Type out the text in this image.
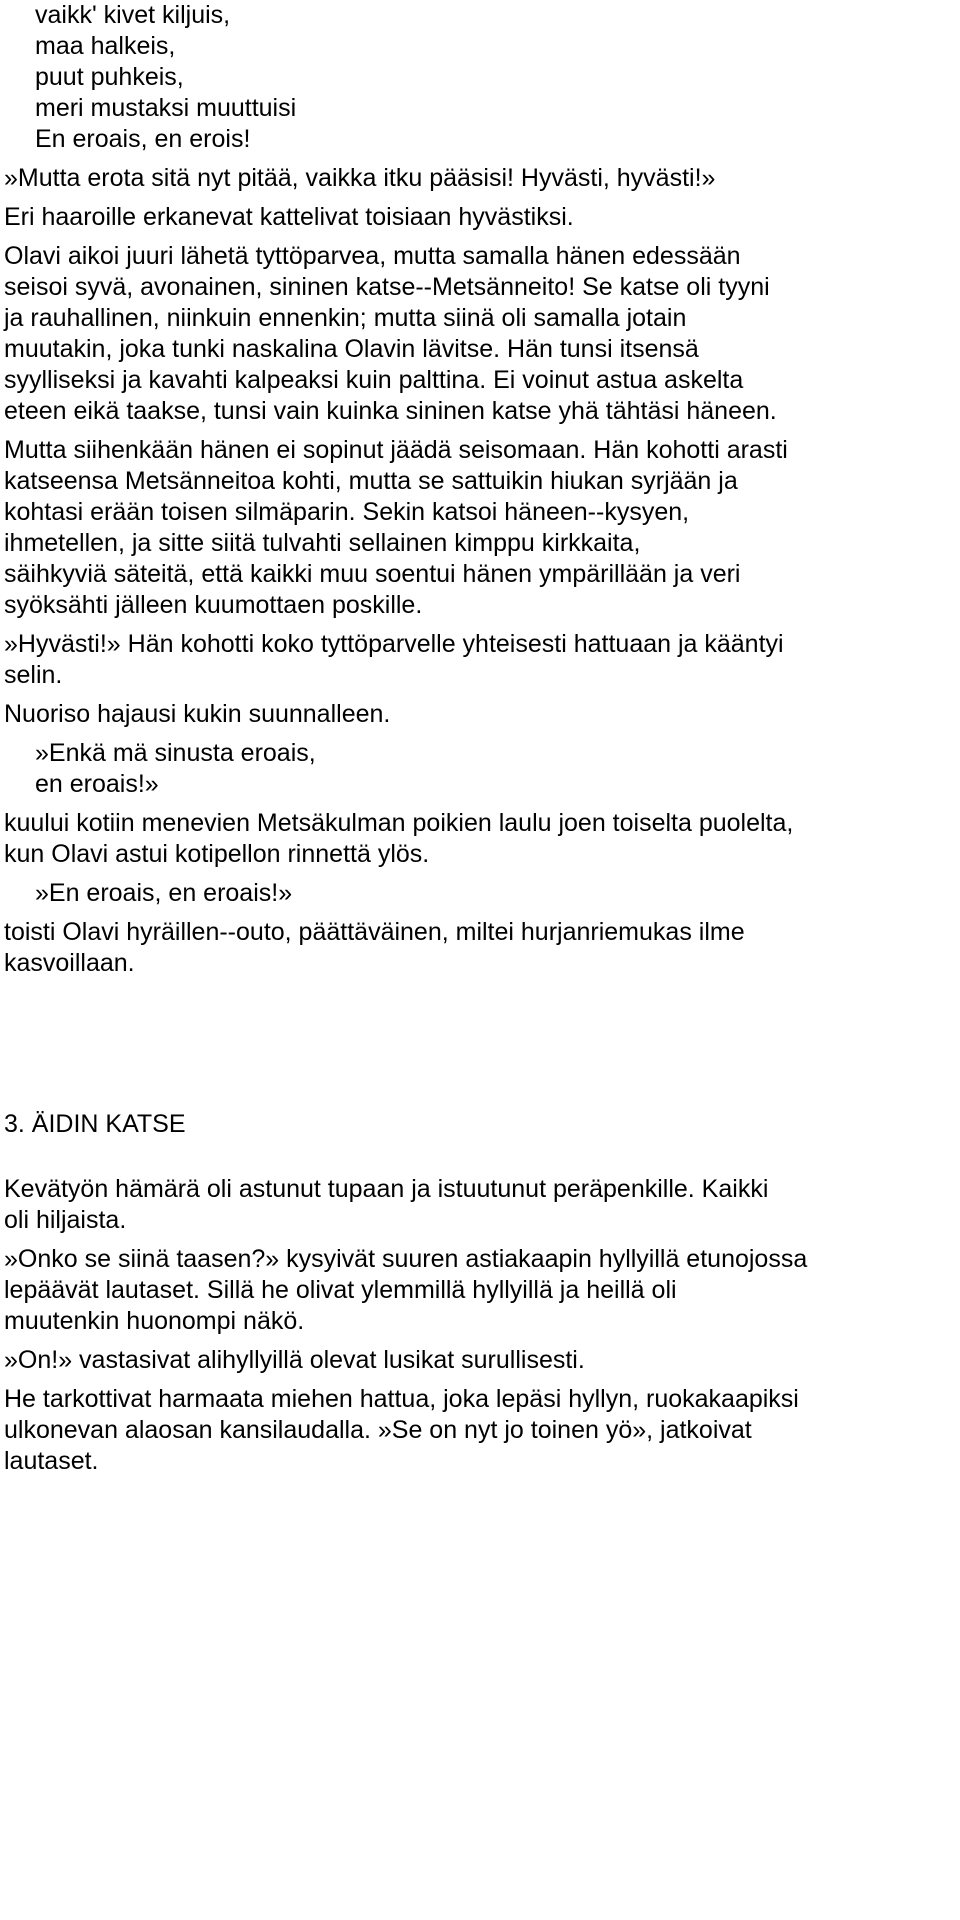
vaikk' kivet kiljuis,
maa halkeis,
puut puhkeis,
meri mustaksi muuttuisi
En eroais, en erois!
»Mutta erota sitä nyt pitää, vaikka itku pääsisi! Hyvästi, hyvästi!»
Eri haaroille erkanevat kattelivat toisiaan hyvästiksi.
Olavi aikoi juuri lähetä tyttöparvea, mutta samalla hänen edessään
seisoi syvä, avonainen, sininen katse--Metsänneito! Se katse oli tyyni
ja rauhallinen, niinkuin ennenkin; mutta siinä oli samalla jotain
muutakin, joka tunki naskalina Olavin lävitse. Hän tunsi itsensä
syylliseksi ja kavahti kalpeaksi kuin palttina. Ei voinut astua askelta
eteen eikä taakse, tunsi vain kuinka sininen katse yhä tähtäsi häneen.
Mutta siihenkään hänen ei sopinut jäädä seisomaan. Hän kohotti arasti
katseensa Metsänneitoa kohti, mutta se sattuikin hiukan syrjään ja
kohtasi erään toisen silmäparin. Sekin katsoi häneen--kysyen,
ihmetellen, ja sitte siitä tulvahti sellainen kimppu kirkkaita,
säihkyviä säteitä, että kaikki muu soentui hänen ympärillään ja veri
syöksähti jälleen kuumottaen poskille.
»Hyvästi!» Hän kohotti koko tyttöparvelle yhteisesti hattuaan ja kääntyi
selin.
Nuoriso hajausi kukin suunnalleen.
»Enkä mä sinusta eroais,
en eroais!»
kuului kotiin menevien Metsäkulman poikien laulu joen toiselta puolelta,
kun Olavi astui kotipellon rinnettä ylös.
»En eroais, en eroais!»
toisti Olavi hyräillen--outo, päättäväinen, miltei hurjanriemukas ilme
kasvoillaan.
3. ÄIDIN KATSE
Kevätyön hämärä oli astunut tupaan ja istuutunut peräpenkille. Kaikki
oli hiljaista.
»Onko se siinä taasen?» kysyivät suuren astiakaapin hyllyillä etunojossa
lepäävät lautaset. Sillä he olivat ylemmillä hyllyillä ja heillä oli
muutenkin huonompi näkö.
»On!» vastasivat alihyllyillä olevat lusikat surullisesti.
He tarkottivat harmaata miehen hattua, joka lepäsi hyllyn, ruokakaapiksi
ulkonevan alaosan kansilaudalla. »Se on nyt jo toinen yö», jatkoivat
lautaset.
